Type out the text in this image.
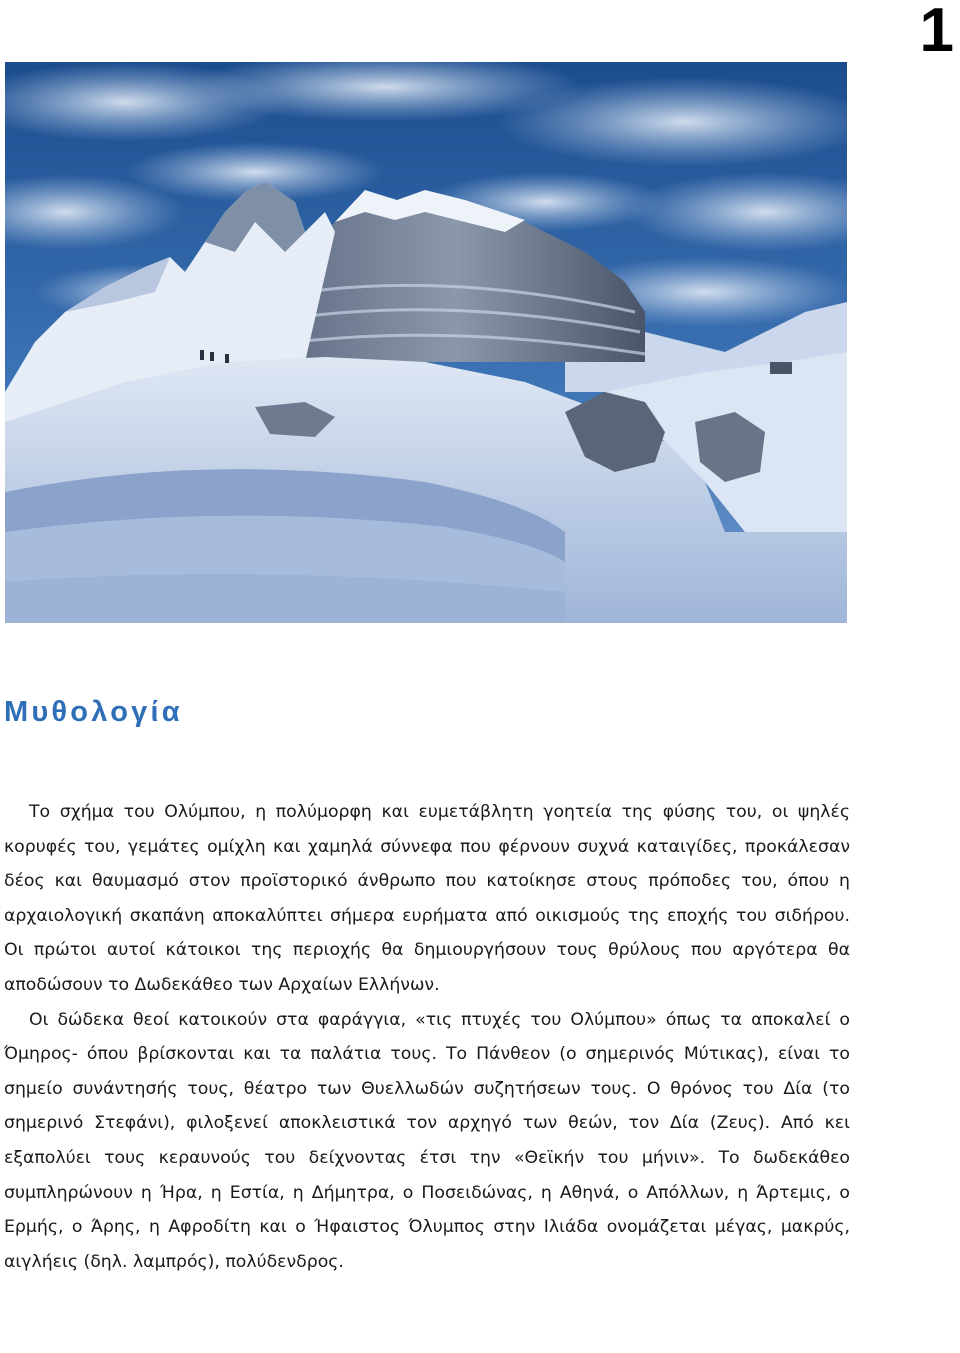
1
Μυθολογία

Το σχήμα του Ολύμπου, η πολύμορφη και ευμετάβλητη γοητεία της φύσης του, οι ψηλές κορυφές του, γεμάτες ομίχλη και χαμηλά σύννεφα που φέρνουν συχνά καταιγίδες, προκάλεσαν δέος και θαυμασμό στον προϊστορικό άνθρωπο που κατοίκησε στους πρόποδες του, όπου η αρχαιολογική σκαπάνη αποκαλύπτει σήμερα ευρήματα από οικισμούς της εποχής του σιδήρου. Οι πρώτοι αυτοί κάτοικοι της περιοχής θα δημιουργήσουν τους θρύλους που αργότερα θα αποδώσουν το Δωδεκάθεο των Αρχαίων Ελλήνων.

Οι δώδεκα θεοί κατοικούν στα φαράγγια, «τις πτυχές του Ολύμπου» όπως τα αποκαλεί ο Όμηρος- όπου βρίσκονται και τα παλάτια τους. Το Πάνθεον (ο σημερινός Μύτικας), είναι το σημείο συνάντησής τους, θέατρο των Θυελλωδών συζητήσεων τους. Ο θρόνος του Δία (το σημερινό Στεφάνι), φιλοξενεί αποκλειστικά τον αρχηγό των θεών, τον Δία (Ζευς). Από κει εξαπολύει τους κεραυνούς του δείχνοντας έτσι την «Θεϊκήν του μήνιν». Το δωδεκάθεο συμπληρώνουν η Ήρα, η Εστία, η Δήμητρα, ο Ποσειδώνας, η Αθηνά, ο Απόλλων, η Άρτεμις, ο Ερμής, ο Άρης, η Αφροδίτη και ο Ήφαιστος Όλυμπος στην Ιλιάδα ονομάζεται μέγας, μακρύς, αιγλήεις (δηλ. λαμπρός), πολύδενδρος.
